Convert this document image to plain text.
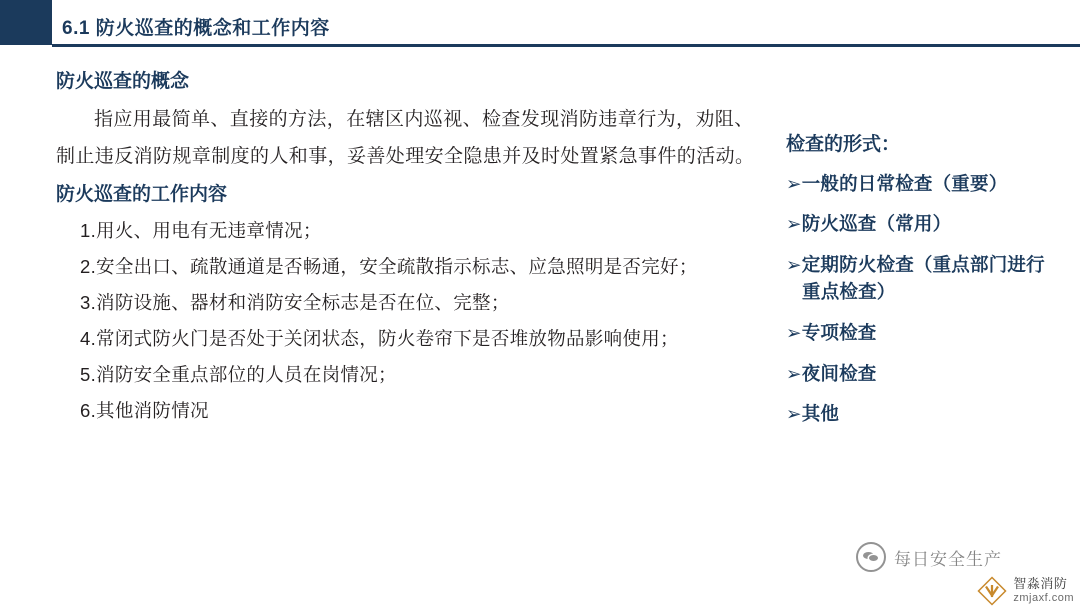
6.1 防火巡查的概念和工作内容
防火巡查的概念

指应用最简单、直接的方法，在辖区内巡视、检查发现消防违章行为，劝阻、制止违反消防规章制度的人和事，妥善处理安全隐患并及时处置紧急事件的活动。

防火巡查的工作内容
1.用火、用电有无违章情况；
2.安全出口、疏散通道是否畅通，安全疏散指示标志、应急照明是否完好；
3.消防设施、器材和消防安全标志是否在位、完整；
4.常闭式防火门是否处于关闭状态，防火卷帘下是否堆放物品影响使用；
5.消防安全重点部位的人员在岗情况；
6.其他消防情况
检查的形式：
➢一般的日常检查（重要）
➢防火巡查（常用）
➢定期防火检查（重点部门进行重点检查）
➢专项检查
➢夜间检查
➢其他
每日安全生产
智淼消防
zmjaxf.com
